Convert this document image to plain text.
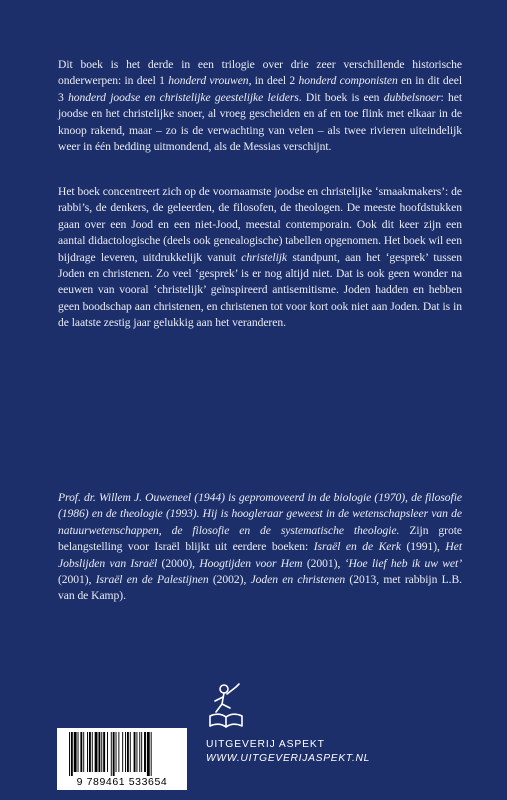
Dit boek is het derde in een trilogie over drie zeer verschillende historische onderwerpen: in deel 1 honderd vrouwen, in deel 2 honderd componisten en in dit deel 3 honderd joodse en christelijke geestelijke leiders. Dit boek is een dubbelsnoer: het joodse en het christelijke snoer, al vroeg gescheiden en af en toe flink met elkaar in de knoop rakend, maar – zo is de verwachting van velen – als twee rivieren uiteindelijk weer in één bedding uitmondend, als de Messias verschijnt.

Het boek concentreert zich op de voornaamste joodse en christelijke ‘smaakmakers’: de rabbi’s, de denkers, de geleerden, de filosofen, de theologen. De meeste hoofdstukken gaan over een Jood en een niet-Jood, meestal contemporain. Ook dit keer zijn een aantal didactologische (deels ook genealogische) tabellen opgenomen. Het boek wil een bijdrage leveren, uitdrukkelijk vanuit christelijk standpunt, aan het ‘gesprek’ tussen Joden en christenen. Zo veel ‘gesprek’ is er nog altijd niet. Dat is ook geen wonder na eeuwen van vooral ‘christelijk’ geïnspireerd antisemitisme. Joden hadden en hebben geen boodschap aan christenen, en christenen tot voor kort ook niet aan Joden. Dat is in de laatste zestig jaar gelukkig aan het veranderen.

Prof. dr. Willem J. Ouweneel (1944) is gepromoveerd in de biologie (1970), de filosofie (1986) en de theologie (1993). Hij is hoogleraar geweest in de wetenschapsleer van de natuurwetenschappen, de filosofie en de systematische theologie. Zijn grote belangstelling voor Israël blijkt uit eerdere boeken: Israël en de Kerk (1991), Het Jobslijden van Israël (2000), Hoogtijden voor Hem (2001), ‘Hoe lief heb ik uw wet’ (2001), Israël en de Palestijnen (2002), Joden en christenen (2013, met rabbijn L.B. van de Kamp).

9 789461 533654
UITGEVERIJ ASPEKT
WWW.UITGEVERIJASPEKT.NL
